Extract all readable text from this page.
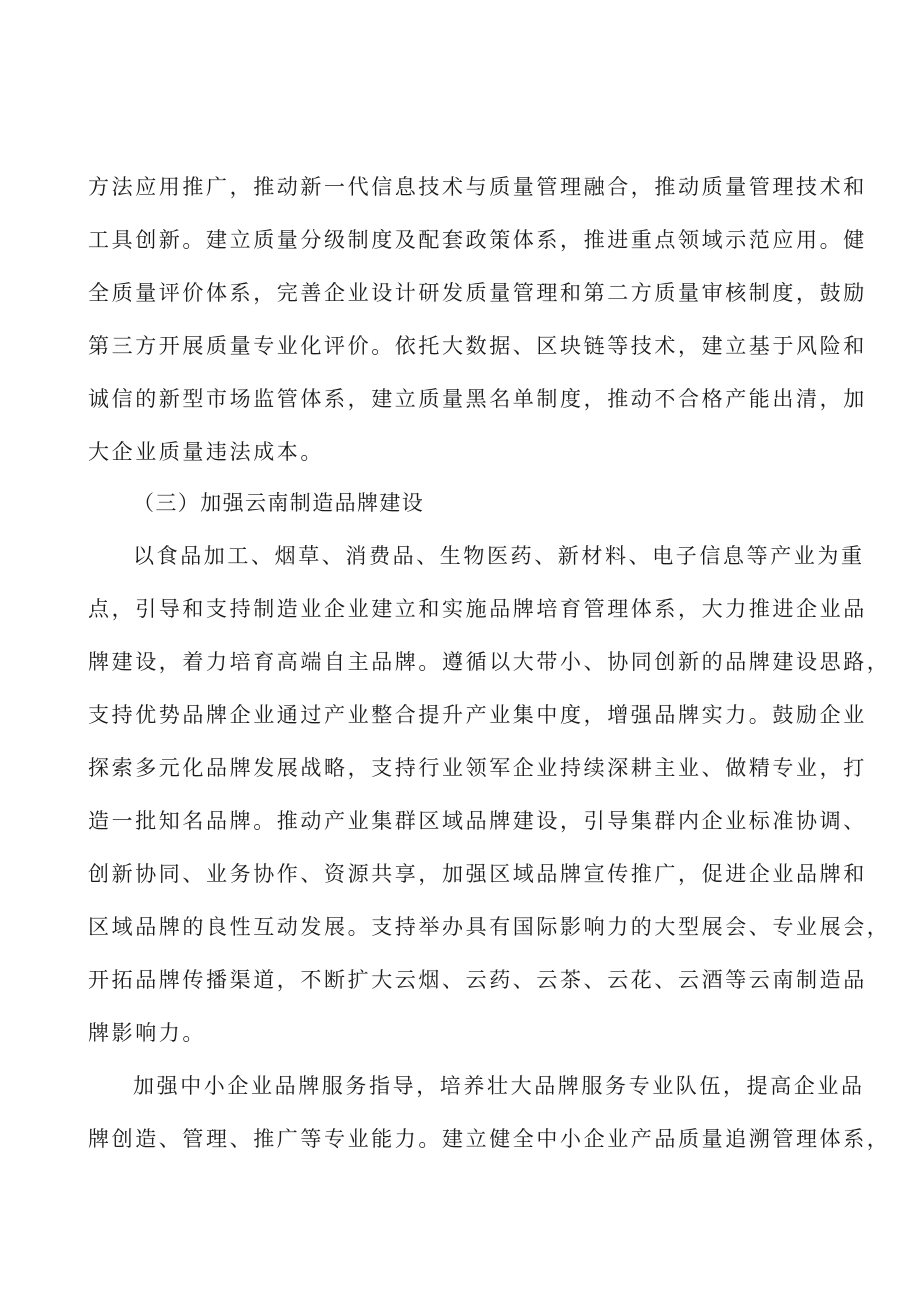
方法应用推广，推动新一代信息技术与质量管理融合，推动质量管理技术和
工具创新。建立质量分级制度及配套政策体系，推进重点领域示范应用。健
全质量评价体系，完善企业设计研发质量管理和第二方质量审核制度，鼓励
第三方开展质量专业化评价。依托大数据、区块链等技术，建立基于风险和
诚信的新型市场监管体系，建立质量黑名单制度，推动不合格产能出清，加
大企业质量违法成本。
（三）加强云南制造品牌建设
以食品加工、烟草、消费品、生物医药、新材料、电子信息等产业为重
点，引导和支持制造业企业建立和实施品牌培育管理体系，大力推进企业品
牌建设，着力培育高端自主品牌。遵循以大带小、协同创新的品牌建设思路，
支持优势品牌企业通过产业整合提升产业集中度，增强品牌实力。鼓励企业
探索多元化品牌发展战略，支持行业领军企业持续深耕主业、做精专业，打
造一批知名品牌。推动产业集群区域品牌建设，引导集群内企业标准协调、
创新协同、业务协作、资源共享，加强区域品牌宣传推广，促进企业品牌和
区域品牌的良性互动发展。支持举办具有国际影响力的大型展会、专业展会，
开拓品牌传播渠道，不断扩大云烟、云药、云茶、云花、云酒等云南制造品
牌影响力。
加强中小企业品牌服务指导，培养壮大品牌服务专业队伍，提高企业品
牌创造、管理、推广等专业能力。建立健全中小企业产品质量追溯管理体系，
